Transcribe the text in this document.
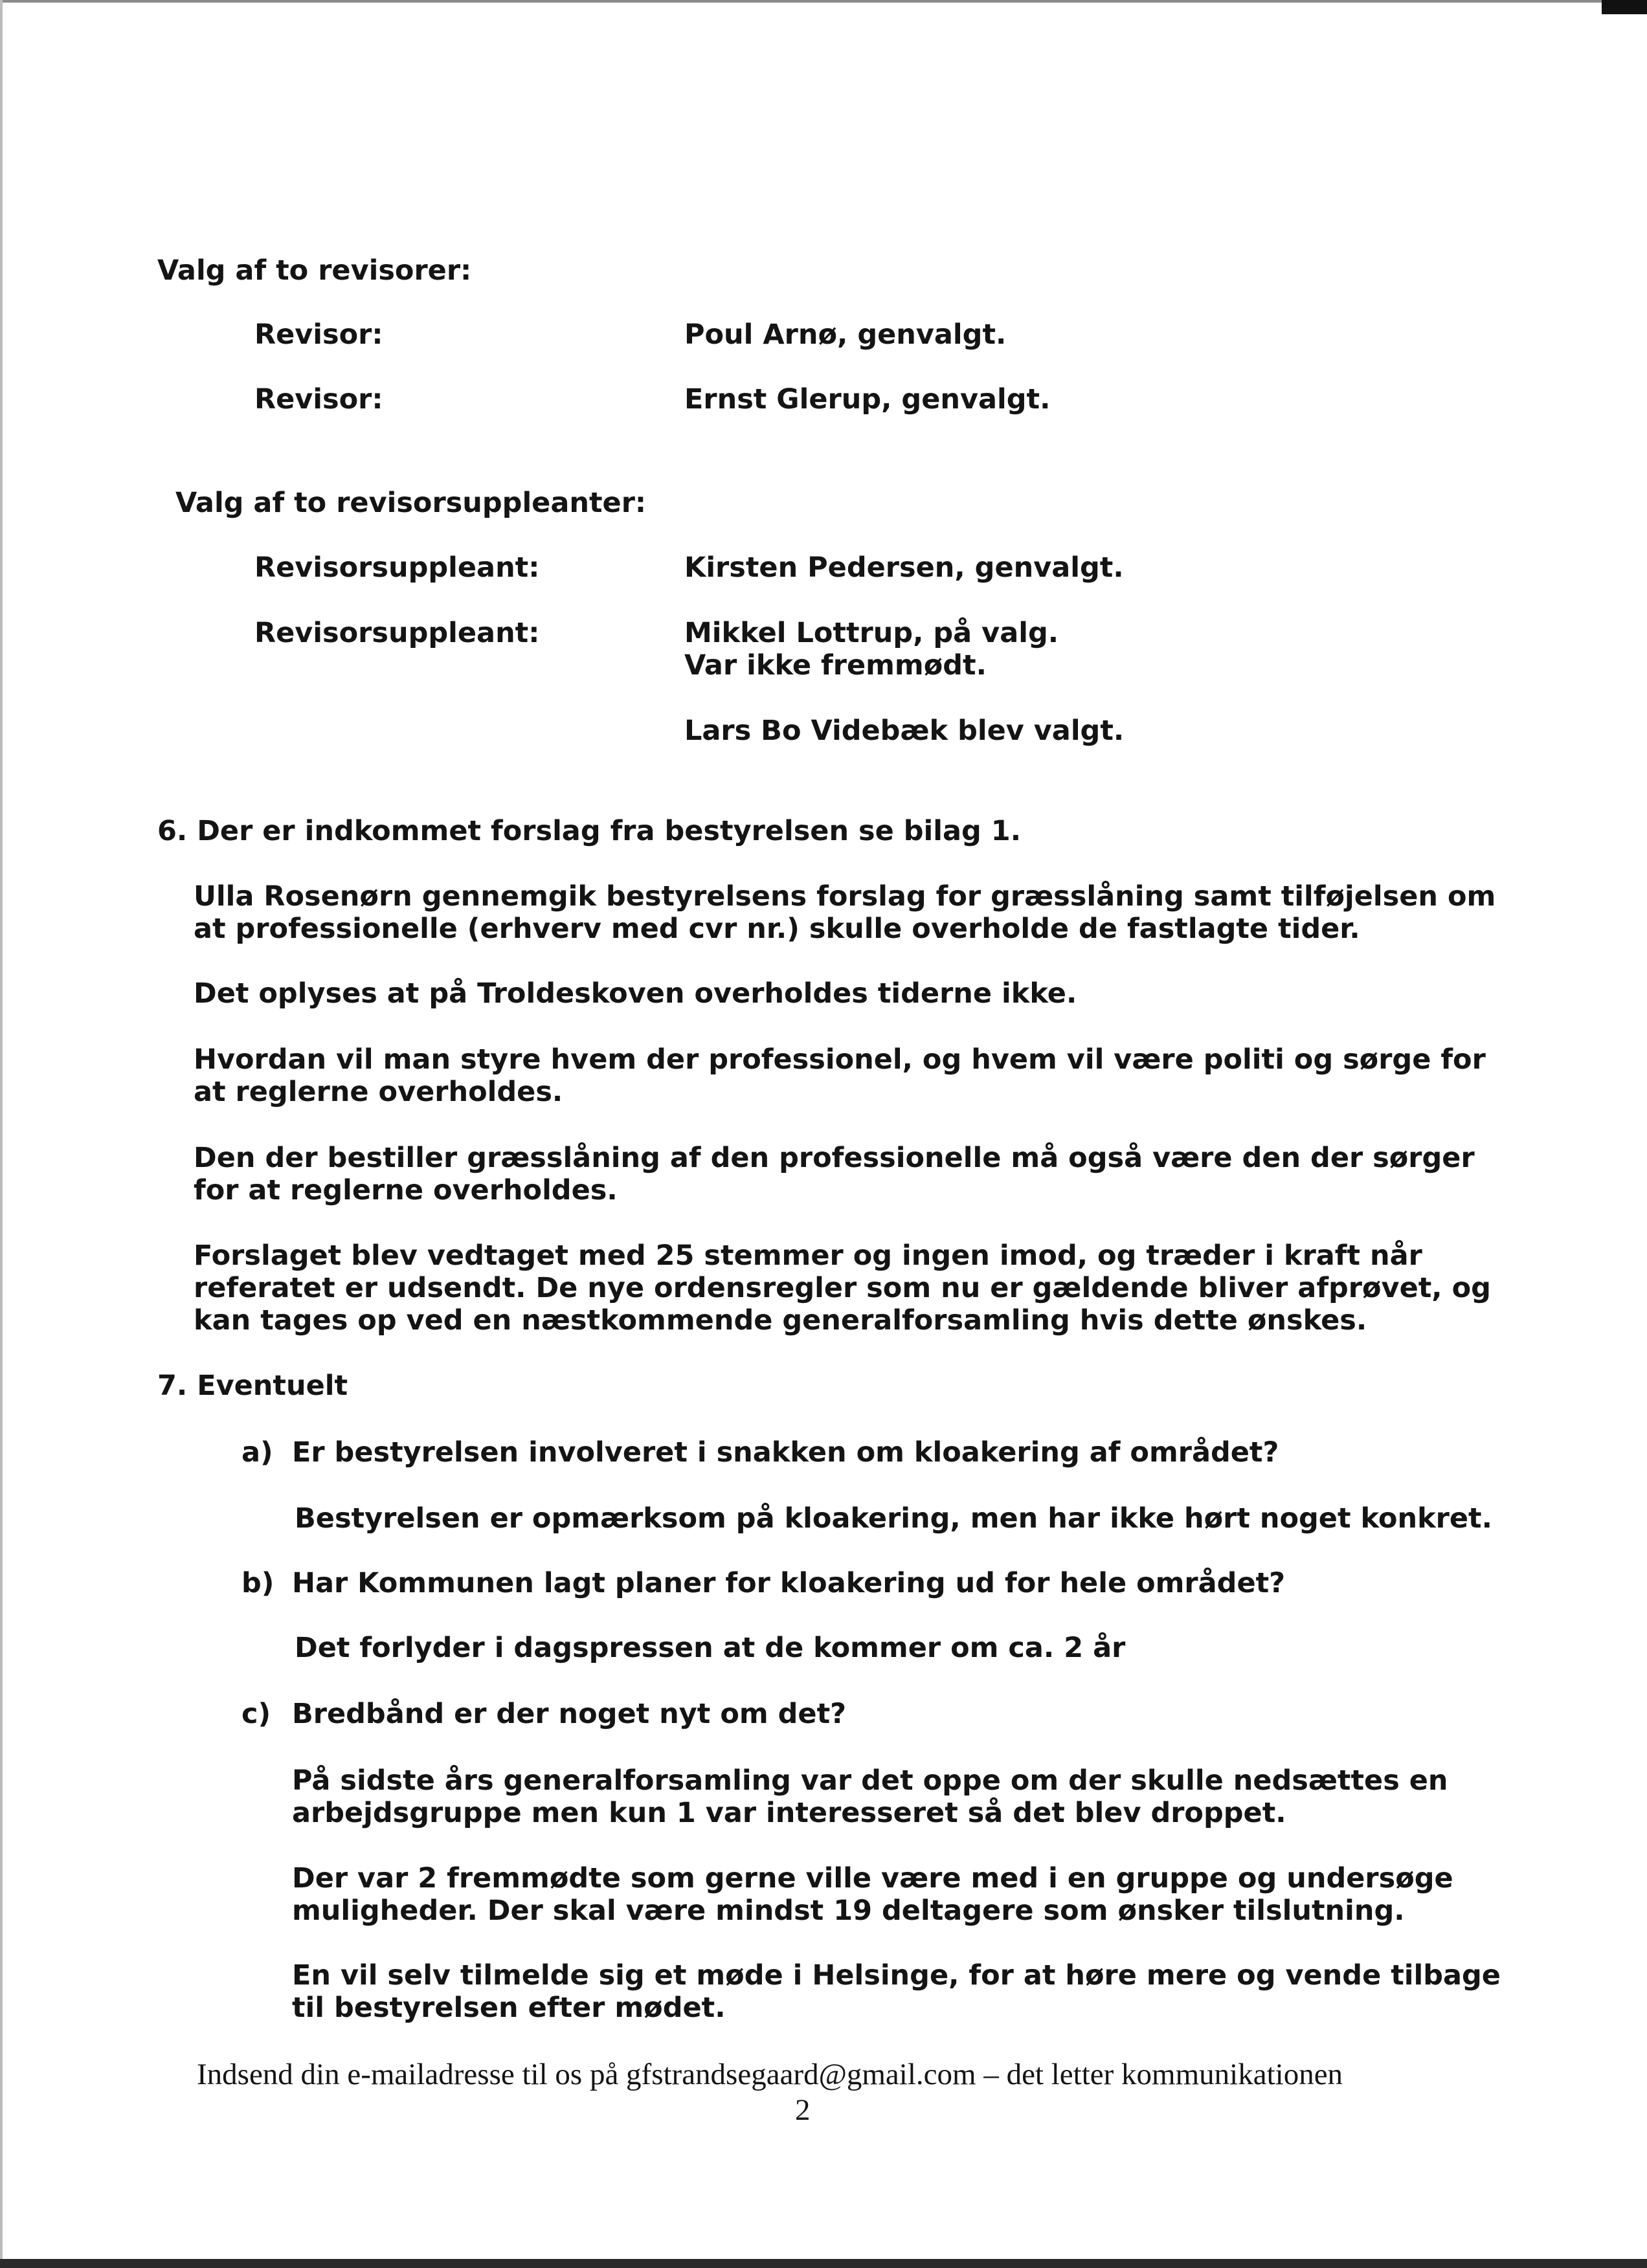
Valg af to revisorer:
Revisor:	Poul Arnø, genvalgt.
Revisor:	Ernst Glerup, genvalgt.
Valg af to revisorsuppleanter:
Revisorsuppleant:	Kirsten Pedersen, genvalgt.
Revisorsuppleant:	Mikkel Lottrup, på valg.
Var ikke fremmødt.
Lars Bo Videbæk blev valgt.
6. Der er indkommet forslag fra bestyrelsen se bilag 1.
Ulla Rosenørn gennemgik bestyrelsens forslag for græsslåning samt tilføjelsen om
at professionelle (erhverv med cvr nr.) skulle overholde de fastlagte tider.
Det oplyses at på Troldeskoven overholdes tiderne ikke.
Hvordan vil man styre hvem der professionel, og hvem vil være politi og sørge for
at reglerne overholdes.
Den der bestiller græsslåning af den professionelle må også være den der sørger
for at reglerne overholdes.
Forslaget blev vedtaget med 25 stemmer og ingen imod, og træder i kraft når
referatet er udsendt. De nye ordensregler som nu er gældende bliver afprøvet, og
kan tages op ved en næstkommende generalforsamling hvis dette ønskes.
7. Eventuelt
a) Er bestyrelsen involveret i snakken om kloakering af området?
Bestyrelsen er opmærksom på kloakering, men har ikke hørt noget konkret.
b) Har Kommunen lagt planer for kloakering ud for hele området?
Det forlyder i dagspressen at de kommer om ca. 2 år
c) Bredbånd er der noget nyt om det?
På sidste års generalforsamling var det oppe om der skulle nedsættes en
arbejdsgruppe men kun 1 var interesseret så det blev droppet.
Der var 2 fremmødte som gerne ville være med i en gruppe og undersøge
muligheder. Der skal være mindst 19 deltagere som ønsker tilslutning.
En vil selv tilmelde sig et møde i Helsinge, for at høre mere og vende tilbage
til bestyrelsen efter mødet.
Indsend din e-mailadresse til os på gfstrandsegaard@gmail.com – det letter kommunikationen
2
